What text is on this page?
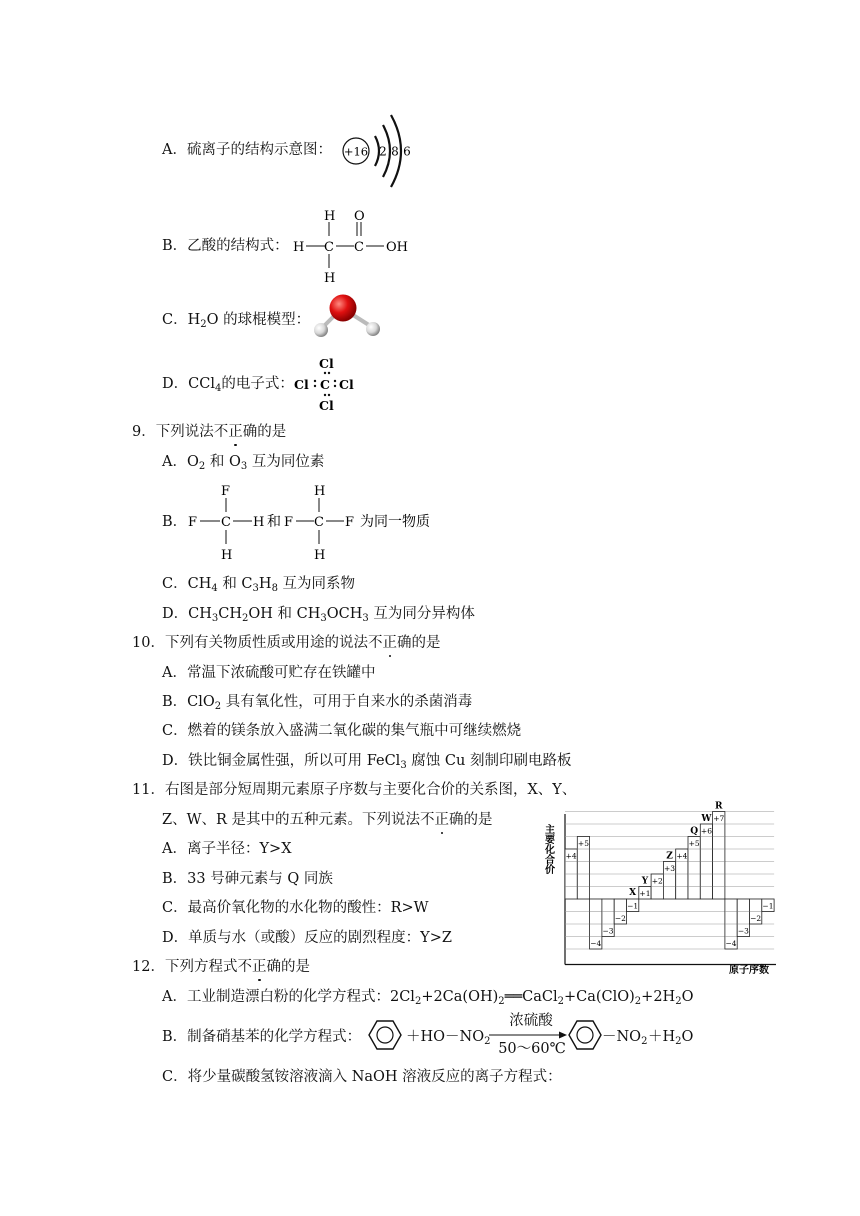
A．硫离子的结构示意图： +16 2 8 6
B．乙酸的结构式： H C
H
H
C
O
OH
C．$H_2O$ 的球棍模型：
D．CCl$_4$的电子式：
Cl
Cl C Cl
Cl
9．下列说法不正确的是
A．$O_2$ 和 $O_3$ 互为同位素
B． F C
F
H
H 和 F C
H
H
F 为同一物质
C．$CH_4$ 和 $C_3H_8$ 互为同系物
D．$CH_3CH_2OH$ 和 $CH_3OCH_3$ 互为同分异构体
10．下列有关物质性质或用途的说法不正确的是
A．常温下浓硫酸可贮存在铁罐中
B．ClO$_2$ 具有氧化性，可用于自来水的杀菌消毒
C．燃着的镁条放入盛满二氧化碳的集气瓶中可继续燃烧
D．铁比铜金属性强，所以可用 FeCl$_3$ 腐蚀 Cu 刻制印刷电路板
11．右图是部分短周期元素原子序数与主要化合价的关系图，X、Y、
Z、W、R 是其中的五种元素。下列说法不正确的是
A．离子半径：Y>X
B．33 号砷元素与 Q 同族
C．最高价氧化物的水化物的酸性：R>W
D．单质与水（或酸）反应的剧烈程度：Y>Z
主要化合价
原子序数
+4
+5
−4
−3
−2
−1
X +1
Y +2
+3
Z +4
+5
Q +6
W +7
R
−4
−3
−2
−1
12．下列方程式不正确的是
A．工业制造漂白粉的化学方程式：$2Cl_2+2Ca(OH)_2══CaCl_2+Ca(ClO)_2+2H_2O$
B．制备硝基苯的化学方程式：	$+HO-NO_2$
浓硫酸
50～60℃
$-NO_2 +H_2O$
C．将少量碳酸氢铵溶液滴入 NaOH 溶液反应的离子方程式：
